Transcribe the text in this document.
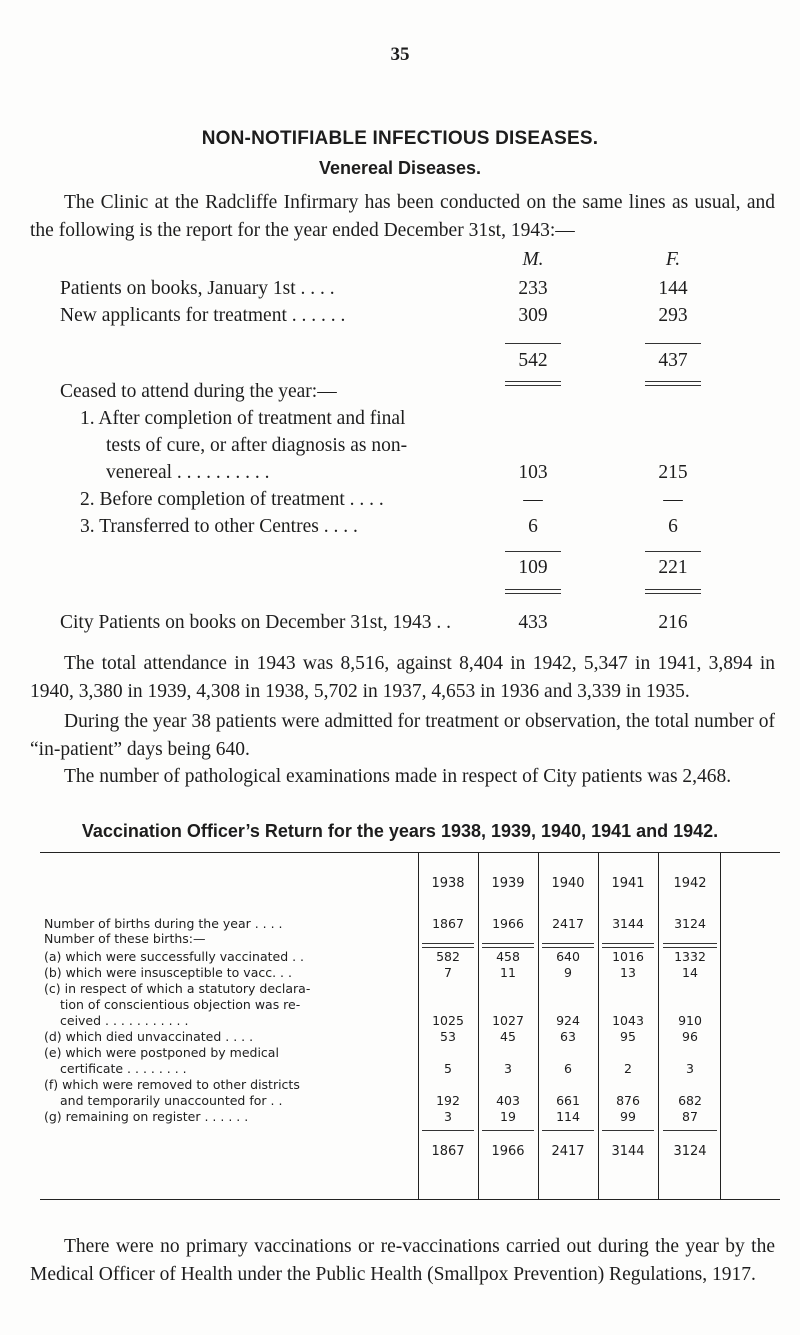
35
NON-NOTIFIABLE INFECTIOUS DISEASES.
Venereal Diseases.
The Clinic at the Radcliffe Infirmary has been conducted on the same lines as usual, and the following is the report for the year ended December 31st, 1943:—
M.	F.
Patients on books, January 1st . . . .	233	144
New applicants for treatment . . . . . .	309	293
542	437
Ceased to attend during the year:—
1. After completion of treatment and final
tests of cure, or after diagnosis as non-
venereal . . . . . . . . . .	103	215
2. Before completion of treatment . . . .	—	—
3. Transferred to other Centres . . . .	6	6
109	221
City Patients on books on December 31st, 1943 . .	433	216
The total attendance in 1943 was 8,516, against 8,404 in 1942, 5,347 in 1941, 3,894 in 1940, 3,380 in 1939, 4,308 in 1938, 5,702 in 1937, 4,653 in 1936 and 3,339 in 1935.
During the year 38 patients were admitted for treatment or observation, the total number of “in-patient” days being 640.
The number of pathological examinations made in respect of City patients was 2,468.
Vaccination Officer’s Return for the years 1938, 1939, 1940, 1941 and 1942.
1938	1939	1940	1941	1942
Number of births during the year . . . .	1867	1966	2417	3144	3124
Number of these births:—
(a) which were successfully vaccinated . .	582	458	640	1016	1332
(b) which were insusceptible to vacc. . .	7	11	9	13	14
(c) in respect of which a statutory declara-
tion of conscientious objection was re-
ceived . . . . . . . . . . .	1025	1027	924	1043	910
(d) which died unvaccinated . . . .	53	45	63	95	96
(e) which were postponed by medical
certificate . . . . . . . .	5	3	6	2	3
(f) which were removed to other districts
and temporarily unaccounted for . .	192	403	661	876	682
(g) remaining on register . . . . . .	3	19	114	99	87
1867	1966	2417	3144	3124
There were no primary vaccinations or re-vaccinations carried out during the year by the Medical Officer of Health under the Public Health (Smallpox Prevention) Regulations, 1917.
